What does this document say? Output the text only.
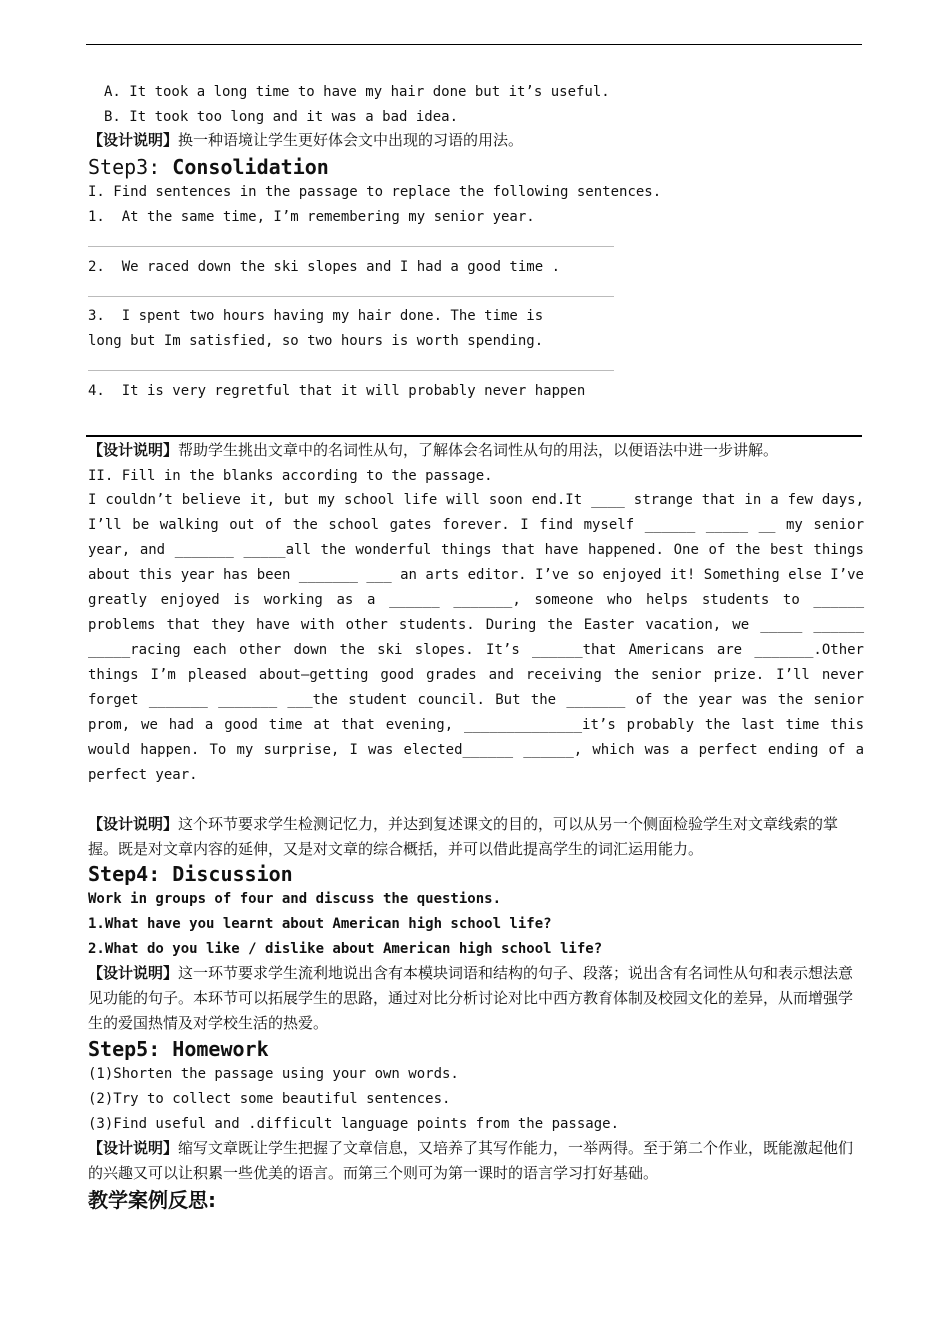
A. It took a long time to have my hair done but it’s useful.
B. It took too long and it was a bad idea.
【设计说明】换一种语境让学生更好体会文中出现的习语的用法。
Step3: Consolidation
I. Find sentences in the passage to replace the following sentences.
1.  At the same time, I’m remembering my senior year.
2.  We raced down the ski slopes and I had a good time .
3.  I spent two hours having my hair done. The time is
long but Im satisfied, so two hours is worth spending.
4.  It is very regretful that it will probably never happen
【设计说明】帮助学生挑出文章中的名词性从句，了解体会名词性从句的用法，以便语法中进一步讲解。
II. Fill in the blanks according to the passage.
I couldn’t believe it, but my school life will soon end.It ____ strange that in a few days, I’ll be walking out of the school gates forever. I find myself ______ _____ __ my senior year, and _______ _____all the wonderful things that have happened. One of the best things about this year has been _______ ___ an arts editor. I’ve so enjoyed it! Something else I’ve greatly enjoyed is working as a ______ _______, someone who helps students to ______ problems that they have with other students. During the Easter vacation, we _____ ______ _____racing each other down the ski slopes. It’s ______that Americans are _______.Other things I’m pleased about—getting good grades and receiving the senior prize. I’ll never forget _______ _______ ___the student council. But the _______ of the year was the senior prom, we had a good time at that evening, ______________it’s probably the last time this would happen. To my surprise, I was elected______ ______, which was a perfect ending of a perfect year.
【设计说明】这个环节要求学生检测记忆力，并达到复述课文的目的，可以从另一个侧面检验学生对文章线索的掌握。既是对文章内容的延伸，又是对文章的综合概括，并可以借此提高学生的词汇运用能力。
Step4: Discussion
Work in groups of four and discuss the questions.
1.What have you learnt about American high school life?
2.What do you like / dislike about American high school life?
【设计说明】这一环节要求学生流利地说出含有本模块词语和结构的句子、段落；说出含有名词性从句和表示想法意见功能的句子。本环节可以拓展学生的思路，通过对比分析讨论对比中西方教育体制及校园文化的差异，从而增强学生的爱国热情及对学校生活的热爱。
Step5: Homework
(1)Shorten the passage using your own words.
(2)Try to collect some beautiful sentences.
(3)Find useful and .difficult language points from the passage.
【设计说明】缩写文章既让学生把握了文章信息，又培养了其写作能力，一举两得。至于第二个作业，既能激起他们的兴趣又可以让积累一些优美的语言。而第三个则可为第一课时的语言学习打好基础。
教学案例反思:
